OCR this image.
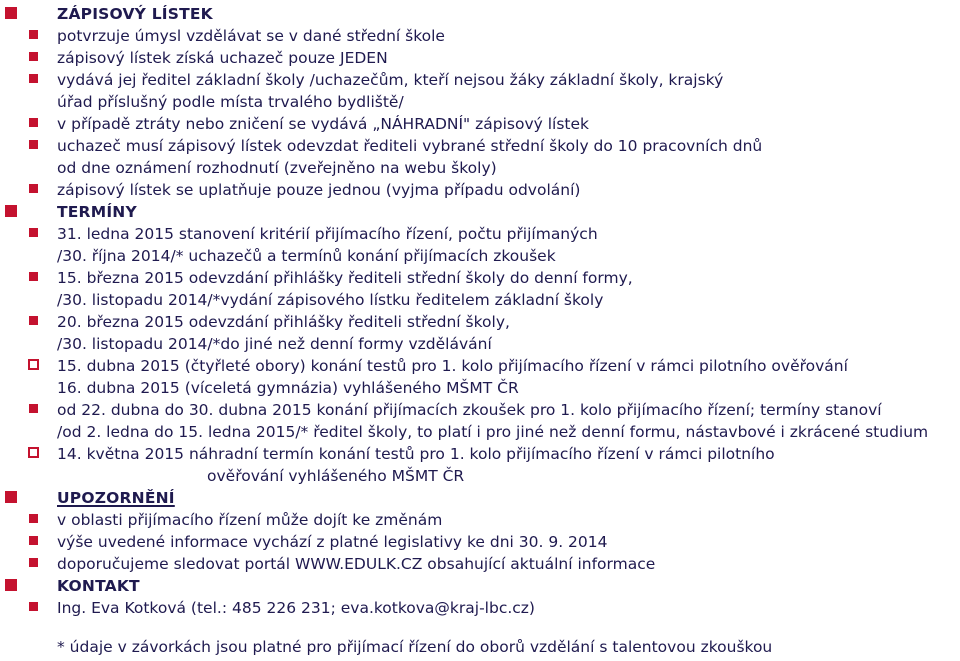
ZÁPISOVÝ LÍSTEK
potvrzuje úmysl vzdělávat se v dané střední škole
zápisový lístek získá uchazeč pouze JEDEN
vydává jej ředitel základní školy /uchazečům, kteří nejsou žáky základní školy, krajský
úřad příslušný podle místa trvalého bydliště/
v případě ztráty nebo zničení se vydává „NÁHRADNÍ" zápisový lístek
uchazeč musí zápisový lístek odevzdat řediteli vybrané střední školy do 10 pracovních dnů
od dne oznámení rozhodnutí (zveřejněno na webu školy)
zápisový lístek se uplatňuje pouze jednou (vyjma případu odvolání)
TERMÍNY
31. ledna 2015 stanovení kritérií přijímacího řízení, počtu přijímaných
/30. října 2014/* uchazečů a termínů konání přijímacích zkoušek
15. března 2015 odevzdání přihlášky řediteli střední školy do denní formy,
/30. listopadu 2014/*vydání zápisového lístku ředitelem základní školy
20. března 2015 odevzdání přihlášky řediteli střední školy,
/30. listopadu 2014/*do jiné než denní formy vzdělávání
15. dubna 2015 (čtyřleté obory) konání testů pro 1. kolo přijímacího řízení v rámci pilotního ověřování
16. dubna 2015 (víceletá gymnázia) vyhlášeného MŠMT ČR
od 22. dubna do 30. dubna 2015 konání přijímacích zkoušek pro 1. kolo přijímacího řízení; termíny stanoví
/od 2. ledna do 15. ledna 2015/* ředitel školy, to platí i pro jiné než denní formu, nástavbové i zkrácené studium
14. května 2015 náhradní termín konání testů pro 1. kolo přijímacího řízení v rámci pilotního
ověřování vyhlášeného MŠMT ČR
UPOZORNĚNÍ
v oblasti přijímacího řízení může dojít ke změnám
výše uvedené informace vychází z platné legislativy ke dni 30. 9. 2014
doporučujeme sledovat portál WWW.EDULK.CZ obsahující aktuální informace
KONTAKT
Ing. Eva Kotková (tel.: 485 226 231; eva.kotkova@kraj-lbc.cz)
* údaje v závorkách jsou platné pro přijímací řízení do oborů vzdělání s talentovou zkouškou
